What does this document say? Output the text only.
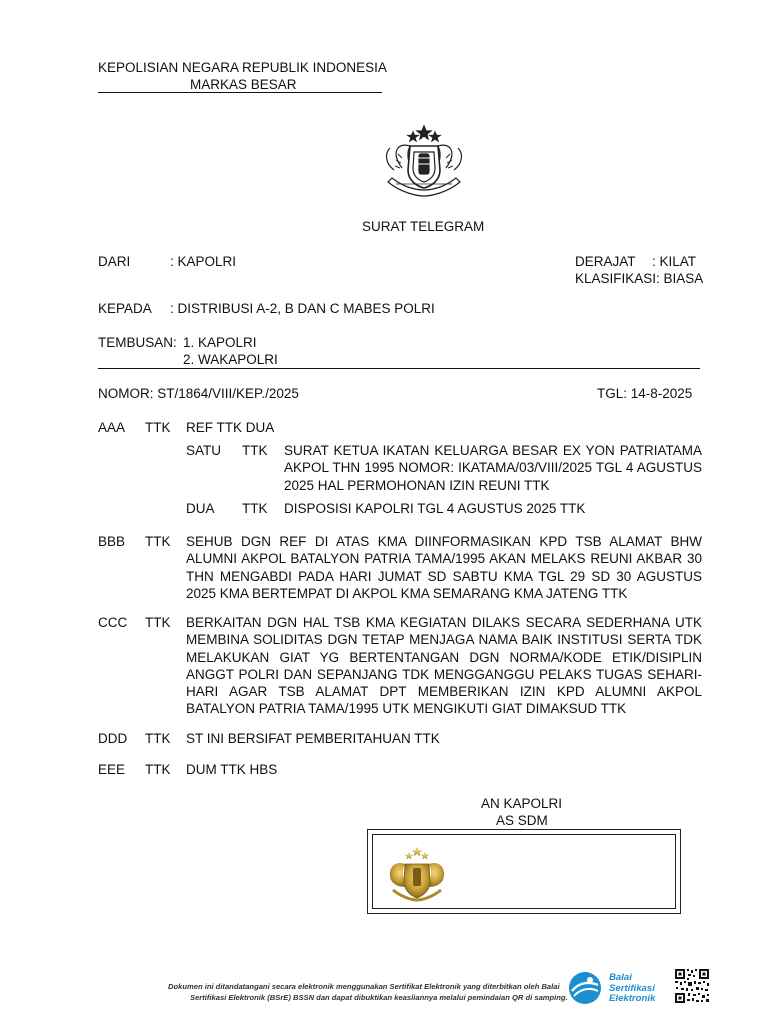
KEPOLISIAN NEGARA REPUBLIK INDONESIA
MARKAS BESAR
SURAT TELEGRAM
DARI	: KAPOLRI	DERAJAT : KILAT
KLASIFIKASI: BIASA
KEPADA : DISTRIBUSI A-2, B DAN C MABES POLRI
TEMBUSAN: 1. KAPOLRI
2. WAKAPOLRI
NOMOR: ST/1864/VIII/KEP./2025	TGL: 14-8-2025
AAA TTK REF TTK DUA
SATU TTK SURAT KETUA IKATAN KELUARGA BESAR EX YON PATRIATAMA AKPOL THN 1995 NOMOR: IKATAMA/03/VIII/2025 TGL 4 AGUSTUS 2025 HAL PERMOHONAN IZIN REUNI TTK
DUA TTK DISPOSISI KAPOLRI TGL 4 AGUSTUS 2025 TTK
BBB TTK SEHUB DGN REF DI ATAS KMA DIINFORMASIKAN KPD TSB ALAMAT BHW ALUMNI AKPOL BATALYON PATRIA TAMA/1995 AKAN MELAKS REUNI AKBAR 30 THN MENGABDI PADA HARI JUMAT SD SABTU KMA TGL 29 SD 30 AGUSTUS 2025 KMA BERTEMPAT DI AKPOL KMA SEMARANG KMA JATENG TTK
CCC TTK BERKAITAN DGN HAL TSB KMA KEGIATAN DILAKS SECARA SEDERHANA UTK MEMBINA SOLIDITAS DGN TETAP MENJAGA NAMA BAIK INSTITUSI SERTA TDK MELAKUKAN GIAT YG BERTENTANGAN DGN NORMA/KODE ETIK/DISIPLIN ANGGT POLRI DAN SEPANJANG TDK MENGGANGGU PELAKS TUGAS SEHARI-HARI AGAR TSB ALAMAT DPT MEMBERIKAN IZIN KPD ALUMNI AKPOL BATALYON PATRIA TAMA/1995 UTK MENGIKUTI GIAT DIMAKSUD TTK
DDD TTK ST INI BERSIFAT PEMBERITAHUAN TTK
EEE TTK DUM TTK HBS
AN KAPOLRI
AS SDM
Dokumen ini ditandatangani secara elektronik menggunakan Sertifikat Elektronik yang diterbitkan oleh Balai
Sertifikasi Elektronik (BSrE) BSSN dan dapat dibuktikan keasliannya melalui pemindaian QR di samping.
Balai
Sertifikasi
Elektronik
